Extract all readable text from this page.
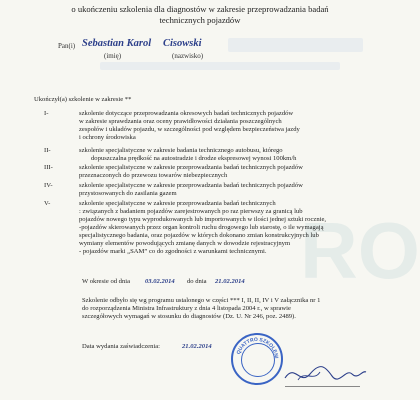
RO
o ukończeniu szkolenia dla diagnostów w zakresie przeprowadzania badań
technicznych pojazdów
Pan(i) Sebastian Karol Cisowski
(imię)	(nazwisko)
Ukończył(a) szkolenie w zakresie **
I-	szkolenie dotyczące przeprowadzania okresowych badań technicznych pojazdów
w zakresie sprawdzania oraz oceny prawidłowości działania poszczególnych
zespołów i układów pojazdu, w szczególności pod względem bezpieczeństwa jazdy
i ochrony środowiska
II-	szkolenie specjalistyczne w zakresie badania technicznego autobusu, którego
dopuszczalna prędkość na autostradzie i drodze ekspresowej wynosi 100km/h
III-	szkolenie specjalistyczne w zakresie przeprowadzania badań technicznych pojazdów
przeznaczonych do przewozu towarów niebezpiecznych
IV-	szkolenie specjalistyczne w zakresie przeprowadzania badań technicznych pojazdów
przystosowanych do zasilania gazem
V-	szkolenie specjalistyczne w zakresie przeprowadzania badań technicznych
: związanych z badaniem pojazdów zarejestrowanych po raz pierwszy za granicą lub
pojazdów nowego typu wyprodukowanych lub importowanych w ilości jednej sztuki rocznie,
-pojazdów skierowanych przez organ kontroli ruchu drogowego lub starostę, o ile wymagają
specjalistycznego badania, oraz pojazdów w których dokonano zmian konstrukcyjnych lub
wymiany elementów powodujących zmianę danych w dowodzie rejestracyjnym
- pojazdów marki „SAM” co do zgodności z warunkami technicznymi.
W okresie od dnia 03.02.2014 do dnia 21.02.2014
Szkolenie odbyło się wg programu ustalonego w części *** I, II, II, IV i V załącznika nr 1
do rozporządzenia Ministra Infrastruktury z dnia 4 listopada 2004 r., w sprawie
szczegółowych wymagań w stosunku do diagnostów (Dz. U. Nr 246, poz. 2489).
Data wydania zaświadczenia:	21.02.2014
QUATTRO SZKOLENI
